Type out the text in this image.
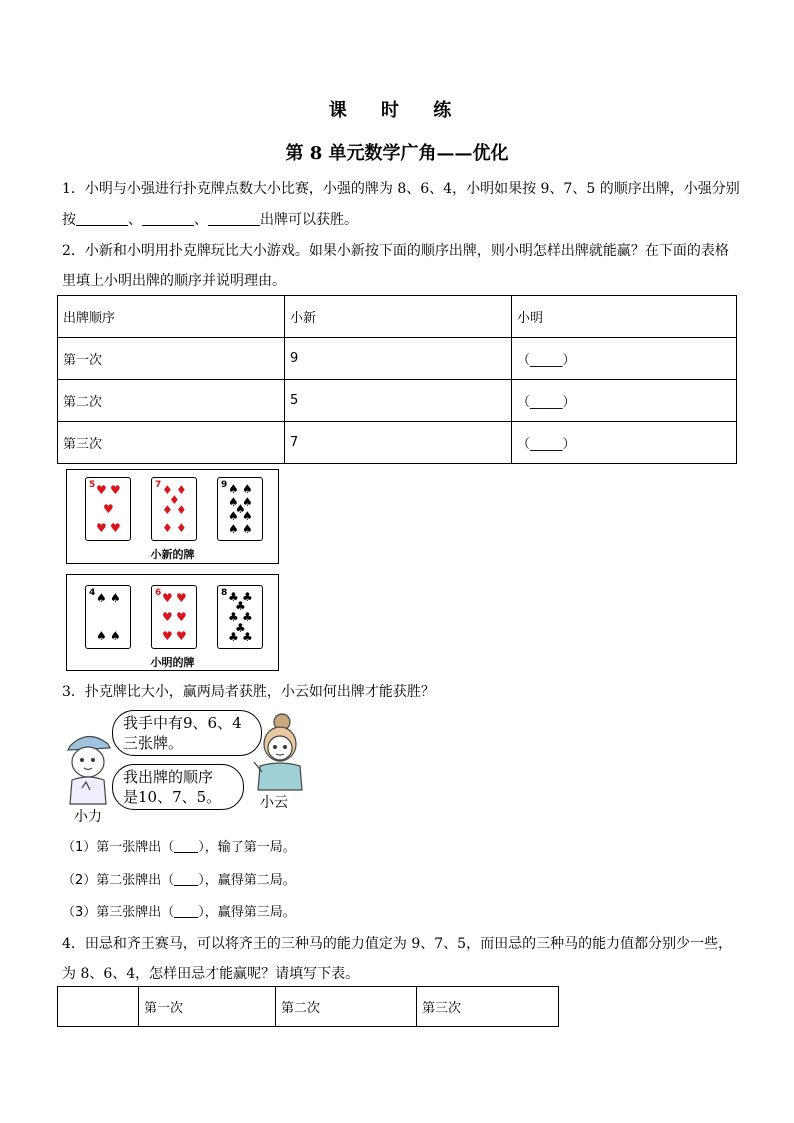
课 时 练
第 8 单元数学广角——优化
1．小明与小强进行扑克牌点数大小比赛，小强的牌为 8、6、4，小明如果按 9、7、5 的顺序出牌，小强分别
按	、	、	出牌可以获胜。
2．小新和小明用扑克牌玩比大小游戏。如果小新按下面的顺序出牌，则小明怎样出牌就能赢？在下面的表格
里填上小明出牌的顺序并说明理由。
出牌顺序	小新	小明
第一次	9	（_____）
第二次	5	（_____）
第三次	7	（_____）
5 ♥ ♥
♥
♥ ♥
7 ♦ ♦
♦
♦ ♦
♦ ♦
9 ♠ ♠
♠ ♠
♠
♠ ♠
♠ ♠
小新的牌
4 ♠ ♠
♠ ♠
6 ♥ ♥
♥ ♥
♥ ♥
8 ♣ ♣
♣
♣ ♣
♣
♣ ♣
小明的牌
3．扑克牌比大小，赢两局者获胜，小云如何出牌才能获胜？
我手中有9、6、4
三张牌。
我出牌的顺序
是10、7、5。	小云
小力
（1）第一张牌出（ ），输了第一局。
（2）第二张牌出（ ），赢得第二局。
（3）第三张牌出（ ），赢得第三局。
4．田忌和齐王赛马，可以将齐王的三种马的能力值定为 9、7、5，而田忌的三种马的能力值都分别少一些，
为 8、6、4，怎样田忌才能赢呢？请填写下表。
	第一次	第二次	第三次
